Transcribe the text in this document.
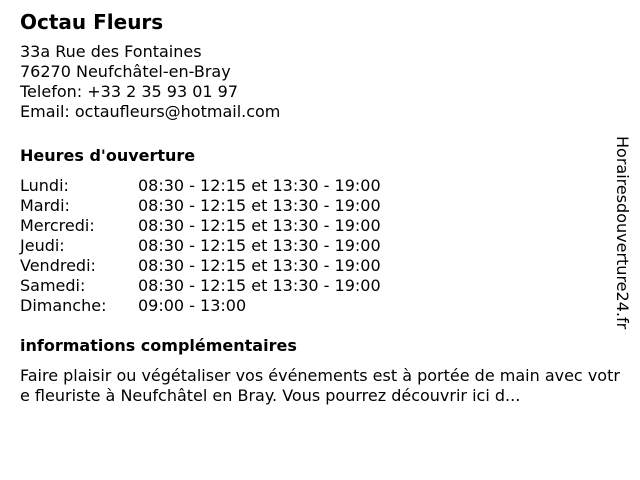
Octau Fleurs
33a Rue des Fontaines
76270 Neufchâtel-en-Bray
Telefon: +33 2 35 93 01 97
Email: octaufleurs@hotmail.com
Heures d'ouverture
Lundi:	08:30 - 12:15 et 13:30 - 19:00
Mardi:	08:30 - 12:15 et 13:30 - 19:00
Mercredi:	08:30 - 12:15 et 13:30 - 19:00
Jeudi:	08:30 - 12:15 et 13:30 - 19:00
Vendredi:	08:30 - 12:15 et 13:30 - 19:00
Samedi:	08:30 - 12:15 et 13:30 - 19:00
Dimanche:	09:00 - 13:00
informations complémentaires
Faire plaisir ou végétaliser vos événements est à portée de main avec votre fleuriste à Neufchâtel en Bray. Vous pourrez découvrir ici d...
Horairesdouverture24.fr
